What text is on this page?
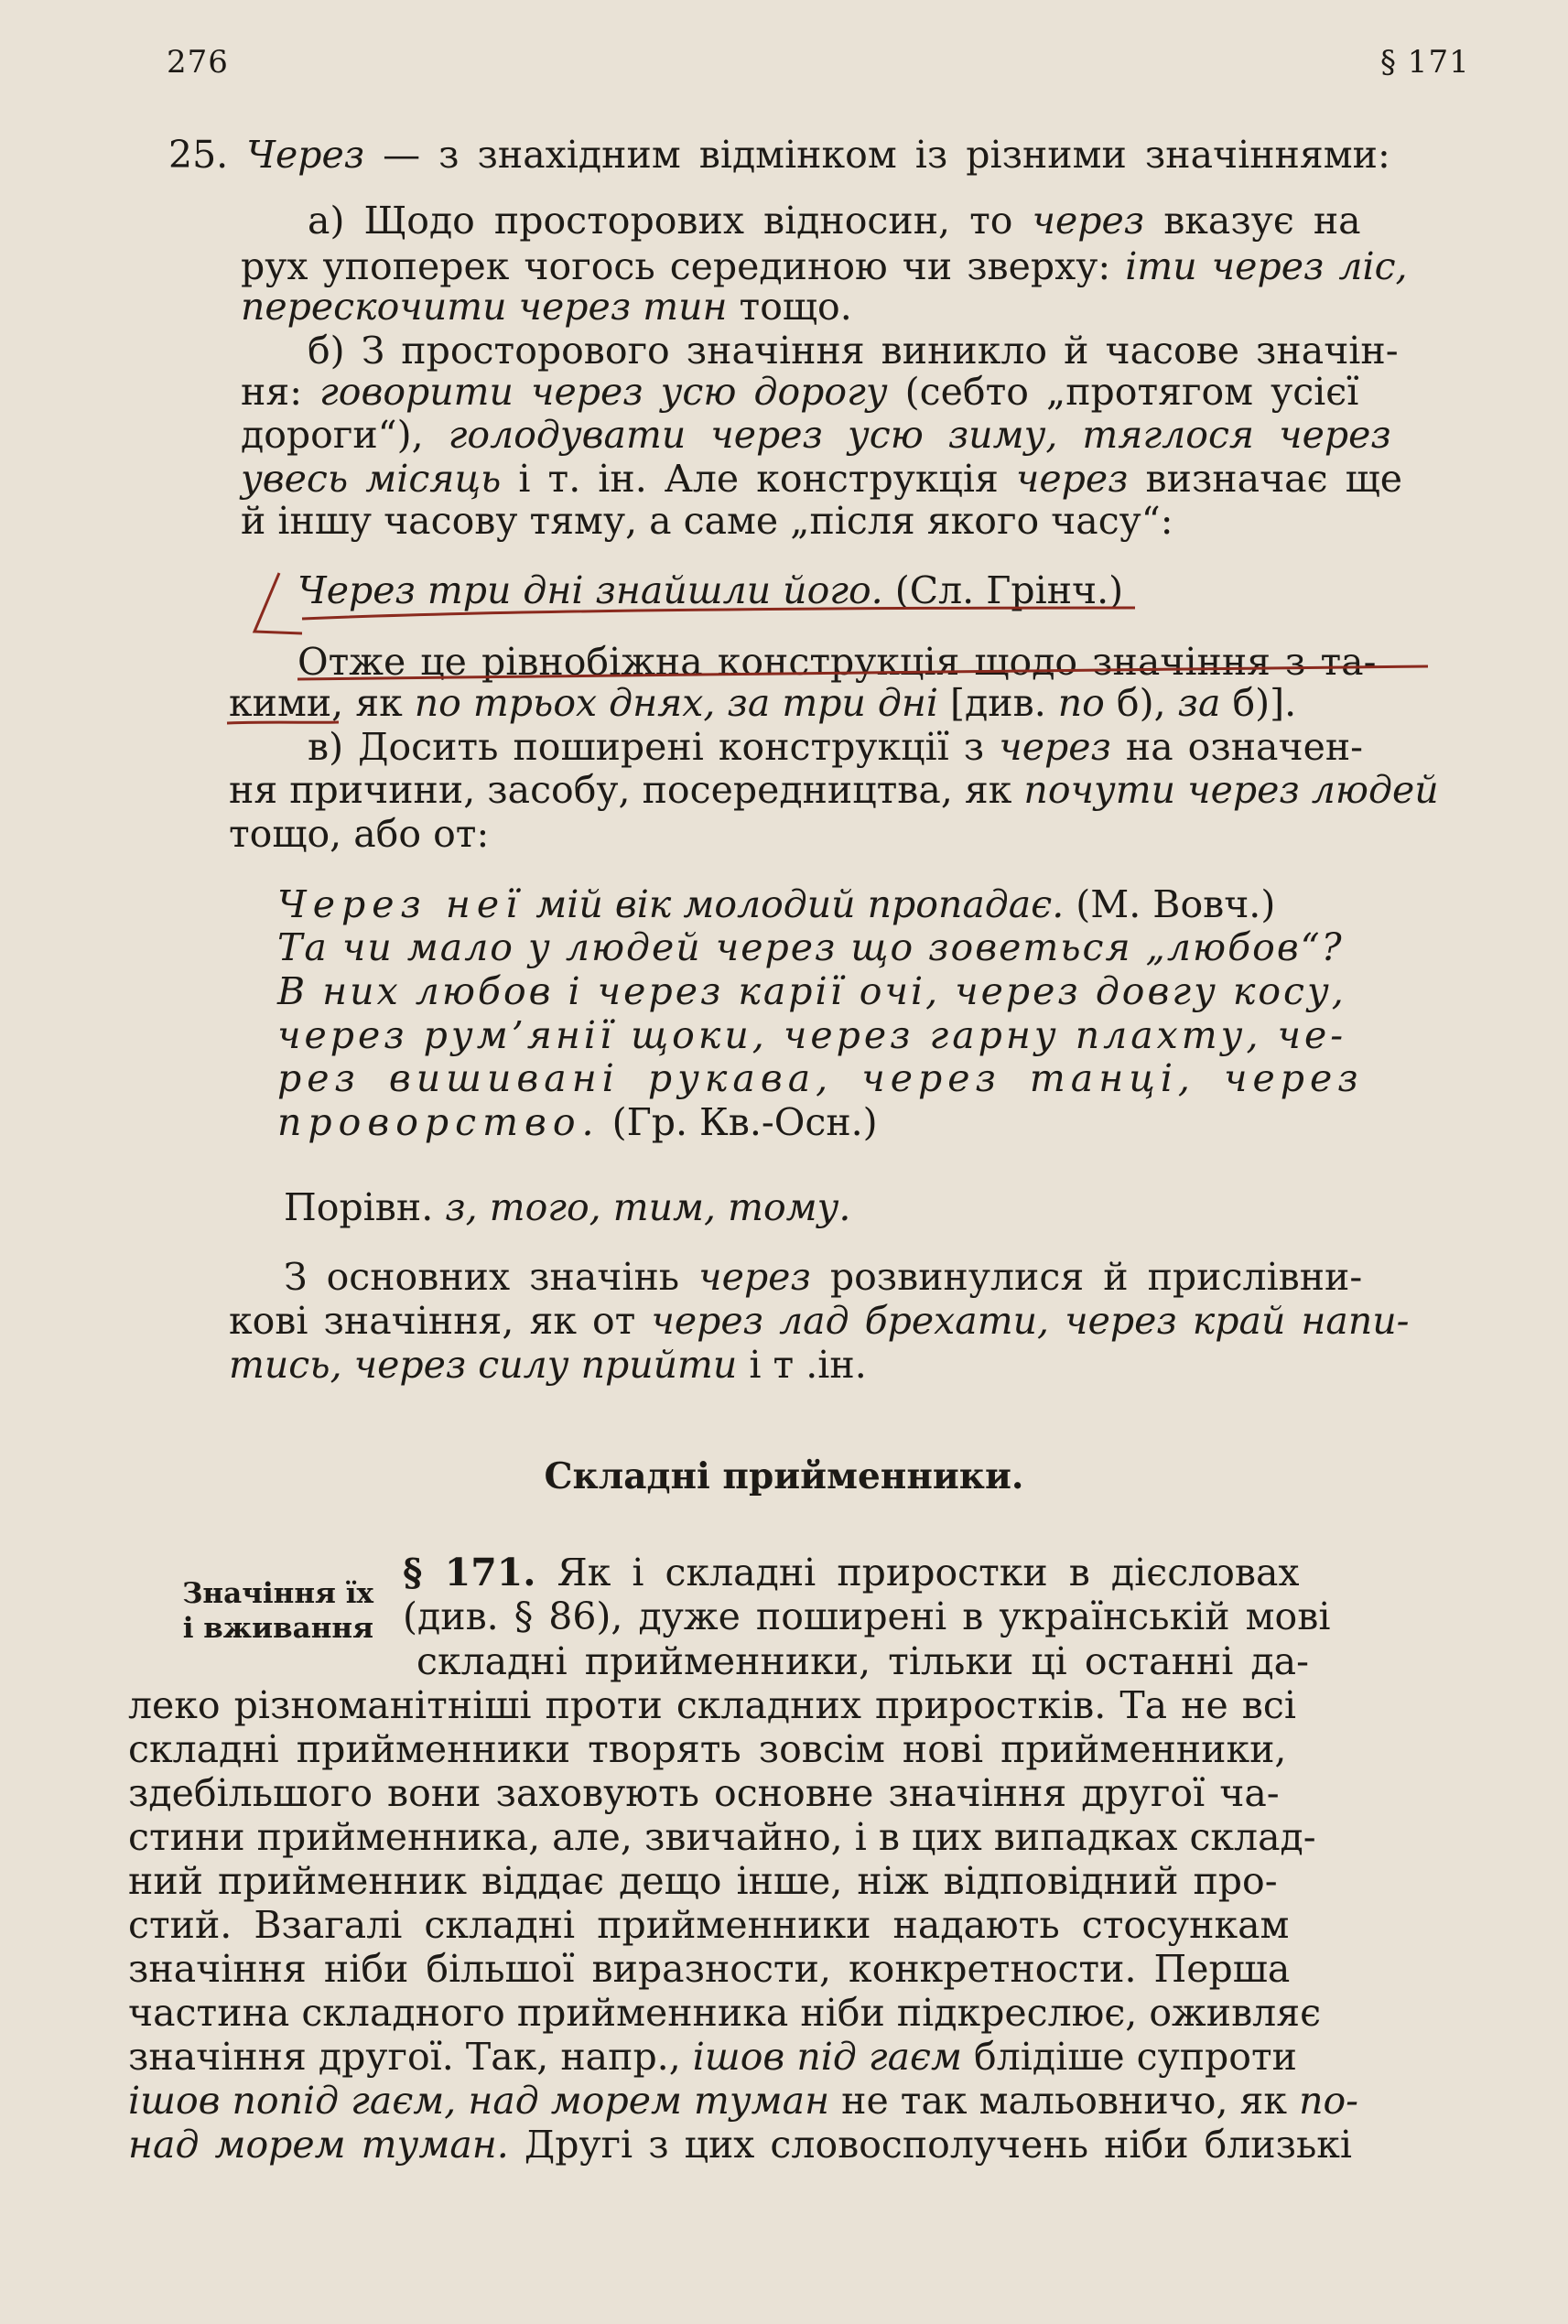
276	§ 171
25. Через — з знахідним відмінком із різними значіннями:
а) Щодо просторових відносин, то через вказує на
рух упоперек чогось серединою чи зверху: іти через ліс,
перескочити через тин тощо.
б) З просторового значіння виникло й часове значін-
ня: говорити через усю дорогу (себто „протягом усієї
дороги“), голодувати через усю зиму, тяглося через
увесь місяць і т. ін. Але конструкція через визначає ще
й іншу часову тяму, а саме „після якого часу“:
Через три дні знайшли його. (Сл. Грінч.)
Отже це рівнобіжна конструкція щодо значіння з та-
кими, як по трьох днях, за три дні [див. по б), за б)].
в) Досить поширені конструкції з через на означен-
ня причини, засобу, посередництва, як почути через людей
тощо, або от:
Через неї мій вік молодий пропадає. (М. Вовч.)
Та чи мало у людей через що зоветься „любов“?
В них любов і через карії очі, через довгу косу,
через рум’янії щоки, через гарну плахту, че-
рез вишивані рукава, через танці, через
проворство. (Гр. Кв.-Осн.)
Порівн. з, того, тим, тому.
З основних значінь через розвинулися й прислівни-
кові значіння, як от через лад брехати, через край напи-
тись, через силу прийти і т .ін.
Складні прийменники.
Значіння їх
і вживання
§ 171. Як і складні приростки в дієсловах
(див. § 86), дуже поширені в українській мові
складні прийменники, тільки ці останні да-
леко різноманітніші проти складних приростків. Та не всі
складні прийменники творять зовсім нові прийменники,
здебільшого вони заховують основне значіння другої ча-
стини прийменника, але, звичайно, і в цих випадках склад-
ний прийменник віддає дещо інше, ніж відповідний про-
стий. Взагалі складні прийменники надають стосункам
значіння ніби більшої виразности, конкретности. Перша
частина складного прийменника ніби підкреслює, оживляє
значіння другої. Так, напр., ішов під гаєм блідіше супроти
ішов попід гаєм, над морем туман не так мальовничо, як по-
над морем туман. Другі з цих словосполучень ніби близькі
